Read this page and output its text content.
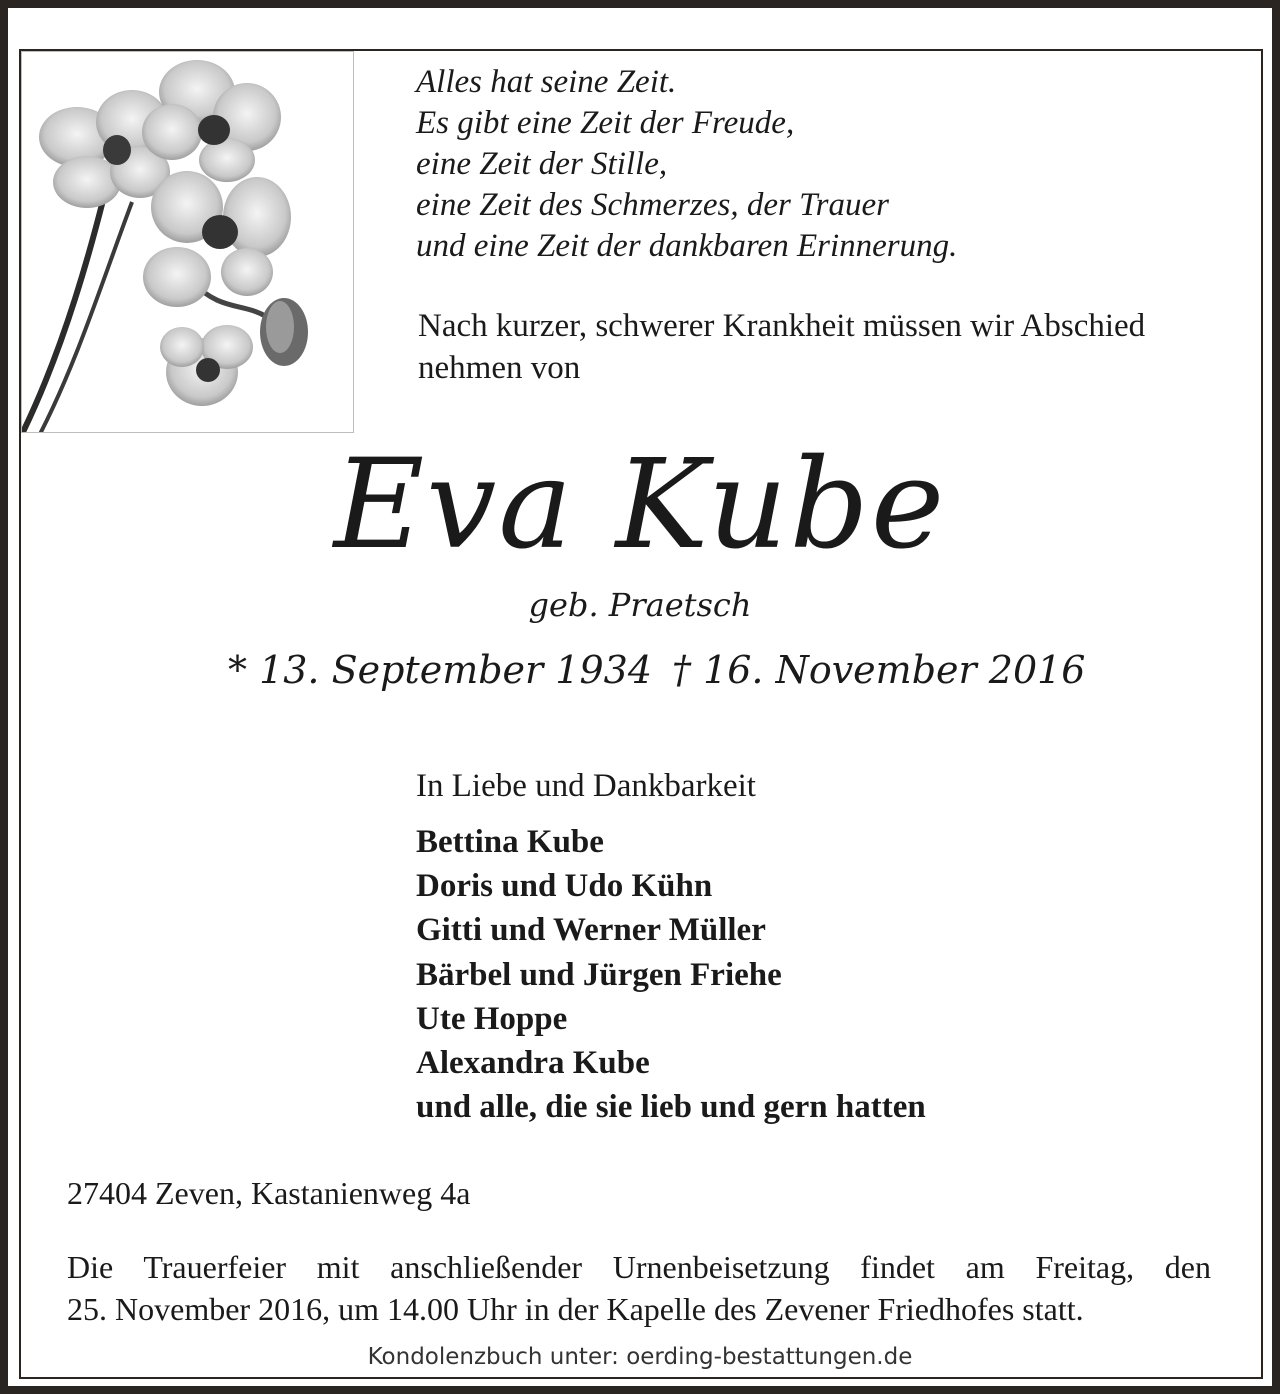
Alles hat seine Zeit.
Es gibt eine Zeit der Freude,
eine Zeit der Stille,
eine Zeit des Schmerzes, der Trauer
und eine Zeit der dankbaren Erinnerung.
Nach kurzer, schwerer Krankheit müssen wir Abschied
nehmen von
Eva Kube
geb. Praetsch
* 13. September 1934 † 16. November 2016
In Liebe und Dankbarkeit
Bettina Kube
Doris und Udo Kühn
Gitti und Werner Müller
Bärbel und Jürgen Friehe
Ute Hoppe
Alexandra Kube
und alle, die sie lieb und gern hatten
27404 Zeven, Kastanienweg 4a
Die Trauerfeier mit anschließender Urnenbeisetzung findet am Freitag, den
25. November 2016, um 14.00 Uhr in der Kapelle des Zevener Friedhofes statt.
Kondolenzbuch unter: oerding-bestattungen.de
